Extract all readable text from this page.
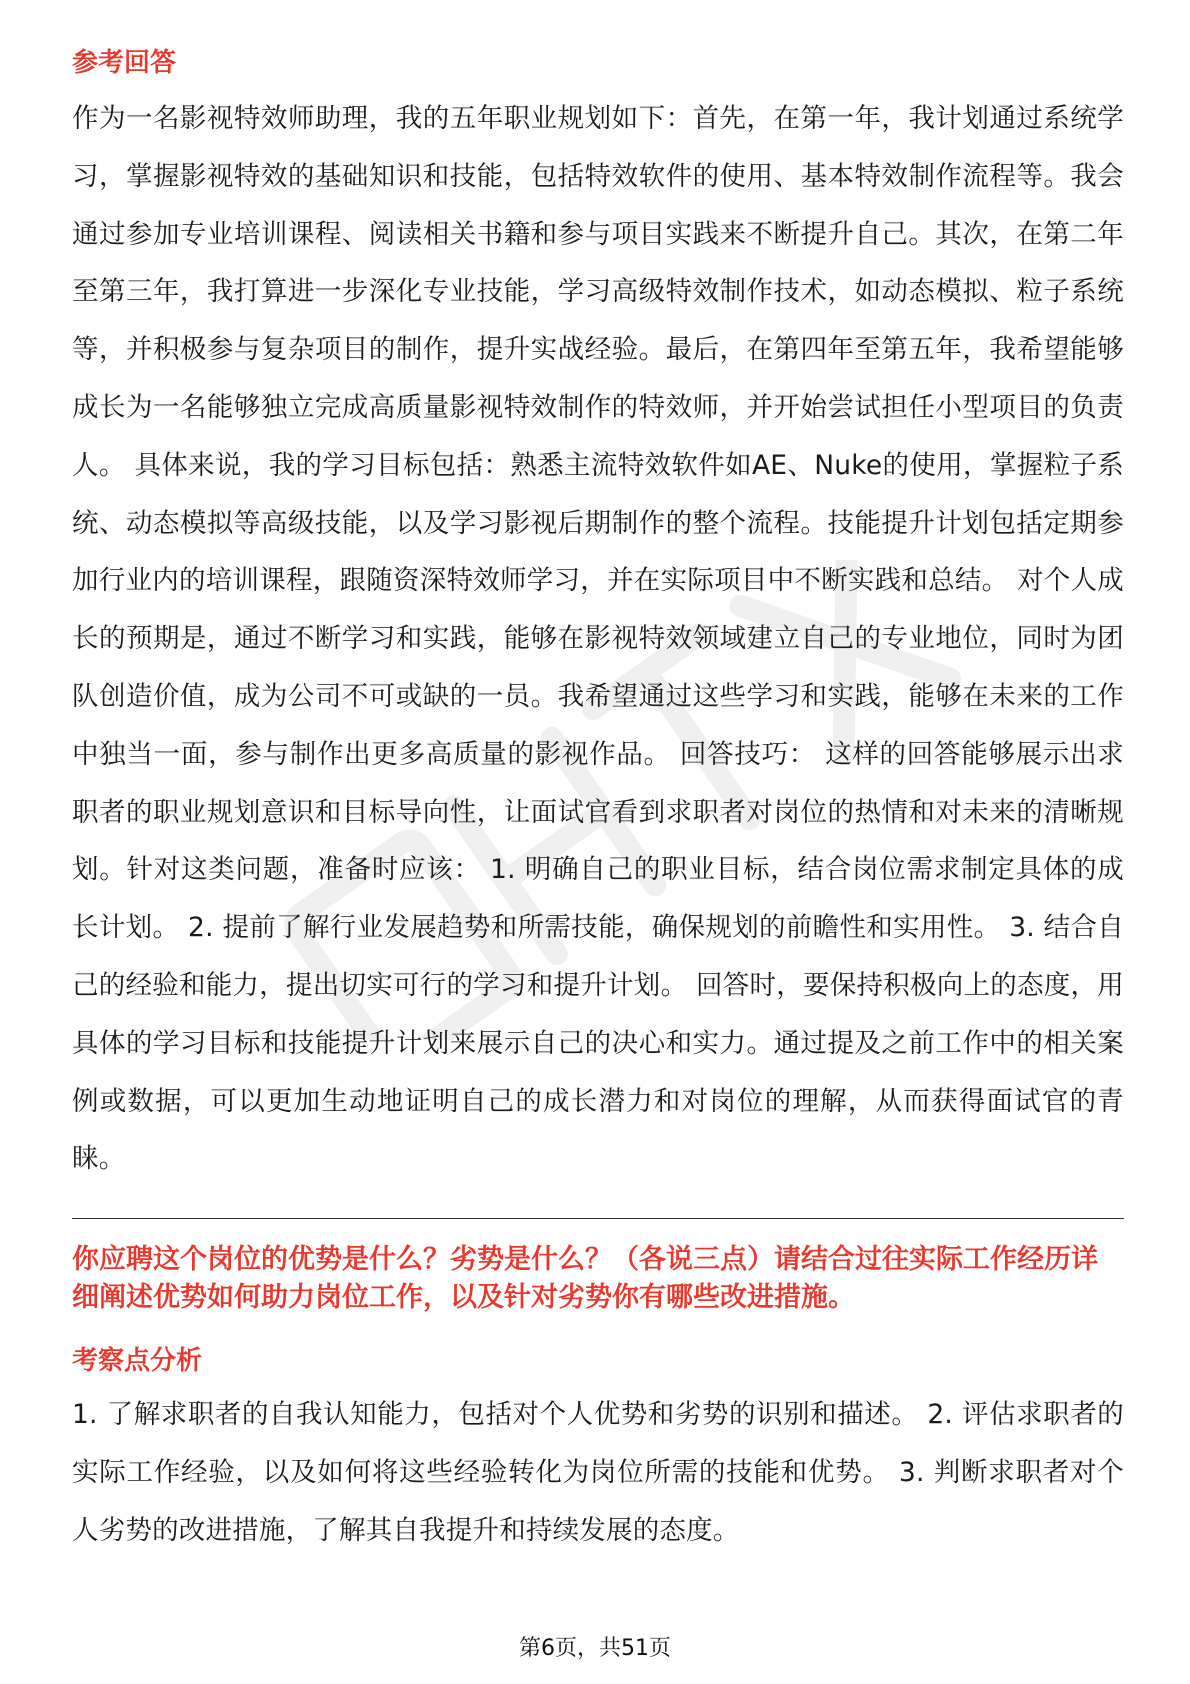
参考回答

作为一名影视特效师助理，我的五年职业规划如下：首先，在第一年，我计划通过系统学习，掌握影视特效的基础知识和技能，包括特效软件的使用、基本特效制作流程等。我会通过参加专业培训课程、阅读相关书籍和参与项目实践来不断提升自己。其次，在第二年至第三年，我打算进一步深化专业技能，学习高级特效制作技术，如动态模拟、粒子系统等，并积极参与复杂项目的制作，提升实战经验。最后，在第四年至第五年，我希望能够成长为一名能够独立完成高质量影视特效制作的特效师，并开始尝试担任小型项目的负责人。 具体来说，我的学习目标包括：熟悉主流特效软件如AE、Nuke的使用，掌握粒子系统、动态模拟等高级技能，以及学习影视后期制作的整个流程。技能提升计划包括定期参加行业内的培训课程，跟随资深特效师学习，并在实际项目中不断实践和总结。 对个人成长的预期是，通过不断学习和实践，能够在影视特效领域建立自己的专业地位，同时为团队创造价值，成为公司不可或缺的一员。我希望通过这些学习和实践，能够在未来的工作中独当一面，参与制作出更多高质量的影视作品。 回答技巧： 这样的回答能够展示出求职者的职业规划意识和目标导向性，让面试官看到求职者对岗位的热情和对未来的清晰规划。针对这类问题，准备时应该： 1. 明确自己的职业目标，结合岗位需求制定具体的成长计划。 2. 提前了解行业发展趋势和所需技能，确保规划的前瞻性和实用性。 3. 结合自己的经验和能力，提出切实可行的学习和提升计划。 回答时，要保持积极向上的态度，用具体的学习目标和技能提升计划来展示自己的决心和实力。通过提及之前工作中的相关案例或数据，可以更加生动地证明自己的成长潜力和对岗位的理解，从而获得面试官的青睐。

你应聘这个岗位的优势是什么？劣势是什么？（各说三点）请结合过往实际工作经历详细阐述优势如何助力岗位工作，以及针对劣势你有哪些改进措施。
考察点分析

1. 了解求职者的自我认知能力，包括对个人优势和劣势的识别和描述。 2. 评估求职者的实际工作经验，以及如何将这些经验转化为岗位所需的技能和优势。 3. 判断求职者对个人劣势的改进措施，了解其自我提升和持续发展的态度。

第6页，共51页
